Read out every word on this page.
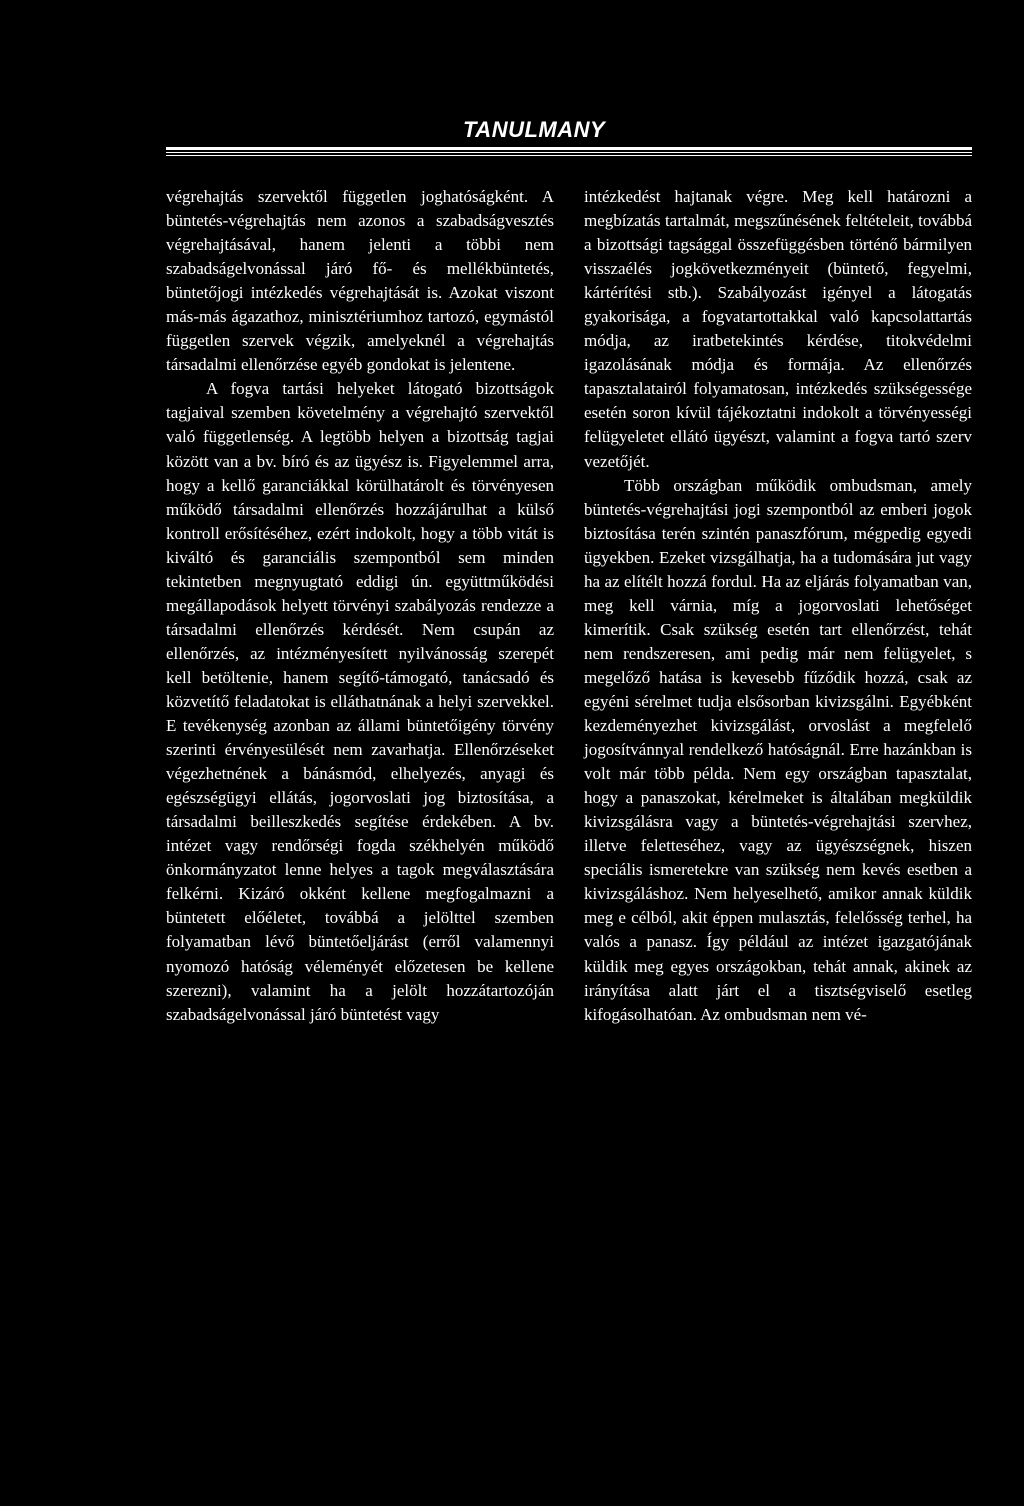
TANULMANY

végrehajtás szervektől független joghatóságként. A büntetés-végrehajtás nem azonos a szabadságvesztés végrehajtásával, hanem jelenti a többi nem szabadságelvonással járó fő- és mellékbüntetés, büntetőjogi intézkedés végrehajtását is. Azokat viszont más-más ágazathoz, minisztériumhoz tartozó, egymástól független szervek végzik, amelyeknél a végrehajtás társadalmi ellenőrzése egyéb gondokat is jelentene.

A fogva tartási helyeket látogató bizottságok tagjaival szemben követelmény a végrehajtó szervektől való függetlenség. A legtöbb helyen a bizottság tagjai között van a bv. bíró és az ügyész is. Figyelemmel arra, hogy a kellő garanciákkal körülhatárolt és törvényesen működő társadalmi ellenőrzés hozzájárulhat a külső kontroll erősítéséhez, ezért indokolt, hogy a több vitát is kiváltó és garanciális szempontból sem minden tekintetben megnyugtató eddigi ún. együttműködési megállapodások helyett törvényi szabályozás rendezze a társadalmi ellenőrzés kérdését. Nem csupán az ellenőrzés, az intézményesített nyilvánosság szerepét kell betöltenie, hanem segítő-támogató, tanácsadó és közvetítő feladatokat is elláthatnának a helyi szervekkel. E tevékenység azonban az állami büntetőigény törvény szerinti érvényesülését nem zavarhatja. Ellenőrzéseket végezhetnének a bánásmód, elhelyezés, anyagi és egészségügyi ellátás, jogorvoslati jog biztosítása, a társadalmi beilleszkedés segítése érdekében. A bv. intézet vagy rendőrségi fogda székhelyén működő önkormányzatot lenne helyes a tagok megválasztására felkérni. Kizáró okként kellene megfogalmazni a büntetett előéletet, továbbá a jelölttel szemben folyamatban lévő büntetőeljárást (erről valamennyi nyomozó hatóság véleményét előzetesen be kellene szerezni), valamint ha a jelölt hozzátartozóján szabadságelvonással járó büntetést vagy

intézkedést hajtanak végre. Meg kell határozni a megbízatás tartalmát, megszűnésének feltételeit, továbbá a bizottsági tagsággal összefüggésben történő bármilyen visszaélés jogkövetkezményeit (büntető, fegyelmi, kártérítési stb.). Szabályozást igényel a látogatás gyakorisága, a fogvatartottakkal való kapcsolattartás módja, az iratbetekintés kérdése, titokvédelmi igazolásának módja és formája. Az ellenőrzés tapasztalatairól folyamatosan, intézkedés szükségessége esetén soron kívül tájékoztatni indokolt a törvényességi felügyeletet ellátó ügyészt, valamint a fogva tartó szerv vezetőjét.

Több országban működik ombudsman, amely büntetés-végrehajtási jogi szempontból az emberi jogok biztosítása terén szintén panaszfórum, mégpedig egyedi ügyekben. Ezeket vizsgálhatja, ha a tudomására jut vagy ha az elítélt hozzá fordul. Ha az eljárás folyamatban van, meg kell várnia, míg a jogorvoslati lehetőséget kimerítik. Csak szükség esetén tart ellenőrzést, tehát nem rendszeresen, ami pedig már nem felügyelet, s megelőző hatása is kevesebb fűződik hozzá, csak az egyéni sérelmet tudja elsősorban kivizsgálni. Egyébként kezdeményezhet kivizsgálást, orvoslást a megfelelő jogosítvánnyal rendelkező hatóságnál. Erre hazánkban is volt már több példa. Nem egy országban tapasztalat, hogy a panaszokat, kérelmeket is általában megküldik kivizsgálásra vagy a büntetés-végrehajtási szervhez, illetve feletteséhez, vagy az ügyészségnek, hiszen speciális ismeretekre van szükség nem kevés esetben a kivizsgáláshoz. Nem helyeselhető, amikor annak küldik meg e célból, akit éppen mulasztás, felelősség terhel, ha valós a panasz. Így például az intézet igazgatójának küldik meg egyes országokban, tehát annak, akinek az irányítása alatt járt el a tisztségviselő esetleg kifogásolhatóan. Az ombudsman nem vé-
